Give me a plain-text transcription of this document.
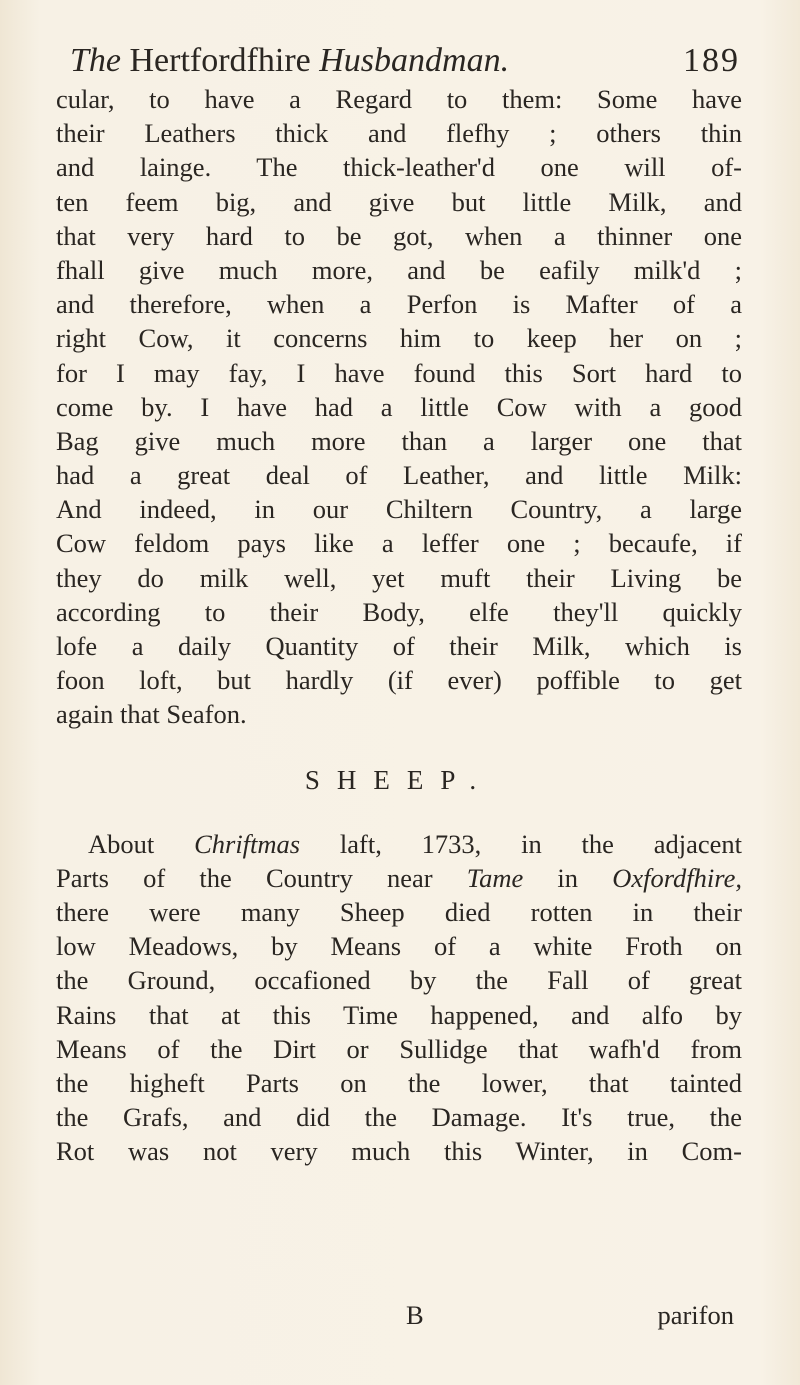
The Hertfordfhire Husbandman.	189
cular, to have a Regard to them: Some have
their Leathers thick and flefhy ; others thin
and lainge. The thick-leather'd one will of-
ten feem big, and give but little Milk, and
that very hard to be got, when a thinner one
fhall give much more, and be eafily milk'd ;
and therefore, when a Perfon is Mafter of a
right Cow, it concerns him to keep her on ;
for I may fay, I have found this Sort hard to
come by. I have had a little Cow with a good
Bag give much more than a larger one that
had a great deal of Leather, and little Milk:
And indeed, in our Chiltern Country, a large
Cow feldom pays like a leffer one ; becaufe, if
they do milk well, yet muft their Living be
according to their Body, elfe they'll quickly
lofe a daily Quantity of their Milk, which is
foon loft, but hardly (if ever) poffible to get
again that Seafon.
SHEEP.
About Chriftmas laft, 1733, in the adjacent
Parts of the Country near Tame in Oxfordfhire,
there were many Sheep died rotten in their
low Meadows, by Means of a white Froth on
the Ground, occafioned by the Fall of great
Rains that at this Time happened, and alfo by
Means of the Dirt or Sullidge that wafh'd from
the higheft Parts on the lower, that tainted
the Grafs, and did the Damage. It's true, the
Rot was not very much this Winter, in Com-
B	parifon
